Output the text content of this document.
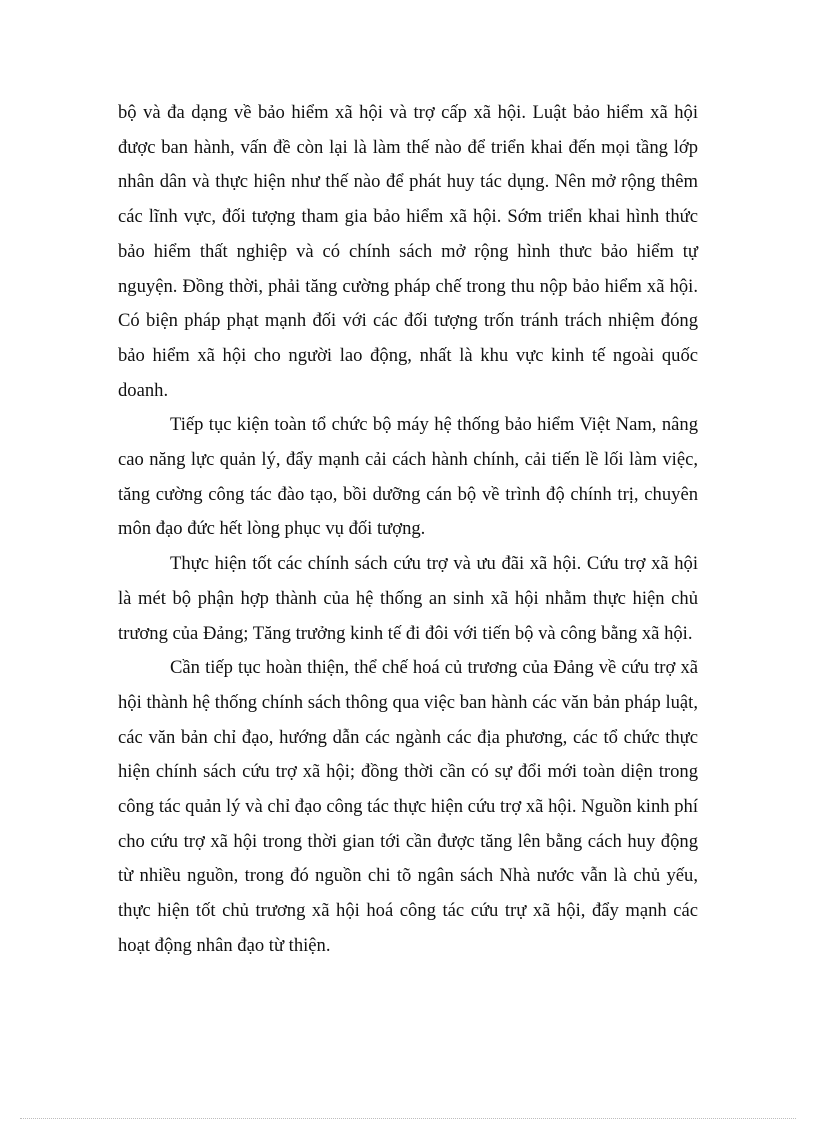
bộ và đa dạng về bảo hiểm xã hội và trợ cấp xã hội. Luật bảo hiểm xã hội được ban hành, vấn đề còn lại là làm thế nào để triển khai đến mọi tầng lớp nhân dân và thực hiện như thế nào để phát huy tác dụng. Nên mở rộng thêm các lĩnh vực, đối tượng tham gia bảo hiểm xã hội. Sớm triển khai hình thức bảo hiểm thất nghiệp và có chính sách mở rộng hình thưc bảo hiểm tự nguyện. Đồng thời, phải tăng cường pháp chế trong thu nộp bảo hiểm xã hội. Có biện pháp phạt mạnh đối với các đối tượng trốn tránh trách nhiệm đóng bảo hiểm xã hội cho người lao động, nhất là khu vực kinh tế ngoài quốc doanh.

Tiếp tục kiện toàn tổ chức bộ máy hệ thống bảo hiểm Việt Nam, nâng cao năng lực quản lý, đẩy mạnh cải cách hành chính, cải tiến lề lối làm việc, tăng cường công tác đào tạo, bồi dưỡng cán bộ về trình độ chính trị, chuyên môn đạo đức hết lòng phục vụ đối tượng.

Thực hiện tốt các chính sách cứu trợ và ưu đãi xã hội. Cứu trợ xã hội là mét bộ phận hợp thành của hệ thống an sinh xã hội nhằm thực hiện chủ trương của Đảng; Tăng trưởng kinh tế đi đôi với tiến bộ và công bằng xã hội.

Cần tiếp tục hoàn thiện, thể chế hoá củ trương của Đảng về cứu trợ xã hội thành hệ thống chính sách thông qua việc ban hành các văn bản pháp luật, các văn bản chỉ đạo, hướng dẫn các ngành các địa phương, các tổ chức thực hiện chính sách cứu trợ xã hội; đồng thời cần có sự đổi mới toàn diện trong công tác quản lý và chỉ đạo công tác thực hiện cứu trợ xã hội. Nguồn kinh phí cho cứu trợ xã hội trong thời gian tới cần được tăng lên bằng cách huy động từ nhiều nguồn, trong đó nguồn chi tõ ngân sách Nhà nước vẫn là chủ yếu, thực hiện tốt chủ trương xã hội hoá công tác cứu trự xã hội, đẩy mạnh các hoạt động nhân đạo từ thiện.
